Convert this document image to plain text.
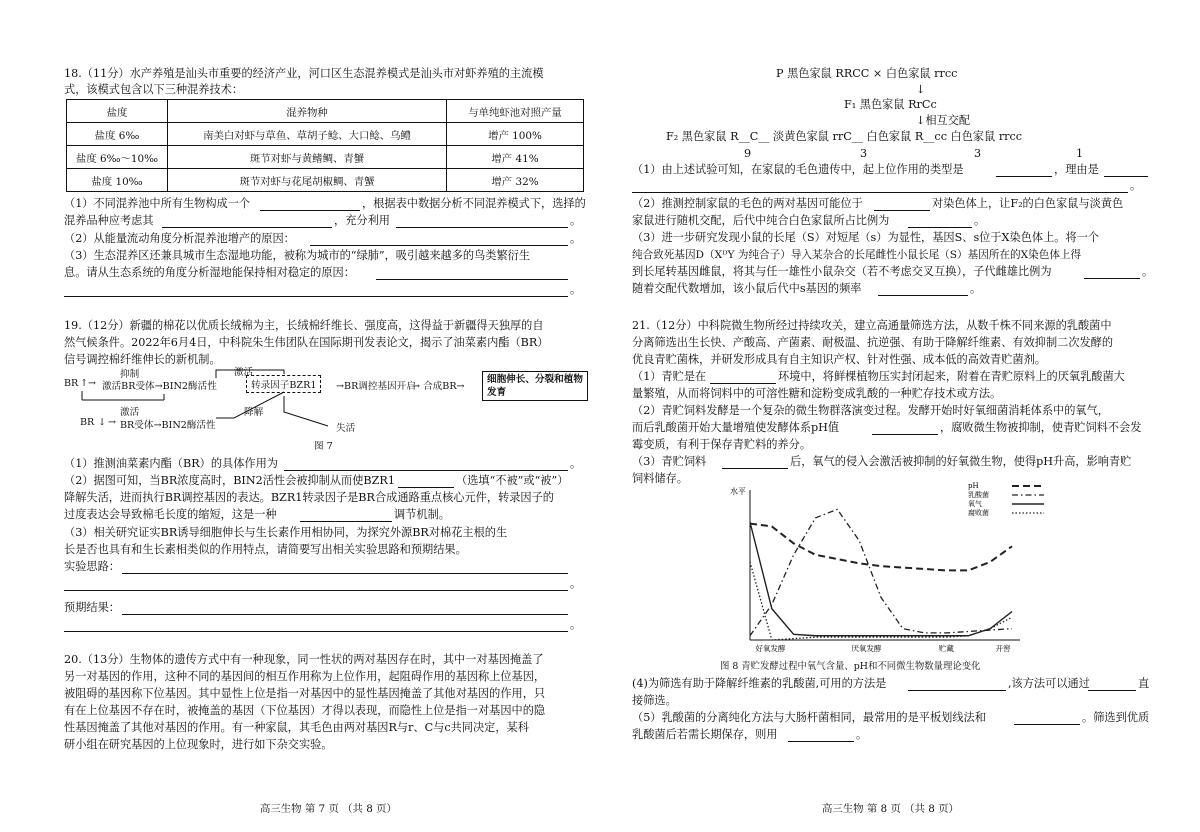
18.（11分）水产养殖是汕头市重要的经济产业，河口区生态混养模式是汕头市对虾养殖的主流模
式，该模式包含以下三种混养技术：
盐度	混养物种	与单纯虾池对照产量
盐度 6‰	南美白对虾与草鱼、草胡子鲶、大口鲶、乌鳢	增产 100%
盐度 6‰～10‰	斑节对虾与黄鳍鲷、青蟹	增产 41%
盐度 10‰	斑节对虾与花尾胡椒鲷、青蟹	增产 32%
（1）不同混养池中所有生物构成一个	，根据表中数据分析不同混养模式下，选择的
混养品种应考虑其	，充分利用	。
（2）从能量流动角度分析混养池增产的原因：	。
（3）生态混养区还兼具城市生态湿地功能，被称为城市的“绿肺”，吸引越来越多的鸟类繁衍生
息。请从生态系统的角度分析湿地能保持相对稳定的原因：
。
19.（12分）新疆的棉花以优质长绒棉为主，长绒棉纤维长、强度高，这得益于新疆得天独厚的自
然气候条件。2022年6月4日，中科院朱生伟团队在国际期刊发表论文，揭示了油菜素内酯（BR）
信号调控棉纤维伸长的新机制。
抑制	激活
BR ↑ → 激活BR受体→BIN2酶活性	转录因子BZR1	→BR调控基因开启
→ 合成BR→
细胞伸长、分裂和植物发育
激活	降解
BR ↓ → BR受体→BIN2酶活性	失活
图 7
（1）推测油菜素内酯（BR）的具体作用为	。
（2）据图可知，当BR浓度高时，BIN2活性会被抑制从而使BZR1	（选填“不被”或“被”）
降解失活，进而执行BR调控基因的表达。BZR1转录因子是BR合成通路重点核心元件，转录因子的
过度表达会导致棉毛长度的缩短，这是一种	调节机制。
（3）相关研究证实BR诱导细胞伸长与生长素作用相协同，为探究外源BR对棉花主根的生
长是否也具有和生长素相类似的作用特点，请简要写出相关实验思路和预期结果。
实验思路：
。
预期结果：
。
20.（13分）生物体的遗传方式中有一种现象，同一性状的两对基因存在时，其中一对基因掩盖了
另一对基因的作用，这种不同的基因间的相互作用称为上位作用，起阻碍作用的基因称上位基因，
被阻碍的基因称下位基因。其中显性上位是指一对基因中的显性基因掩盖了其他对基因的作用，只
有在上位基因不存在时，被掩盖的基因（下位基因）才得以表现，而隐性上位是指一对基因中的隐
性基因掩盖了其他对基因的作用。有一种家鼠，其毛色由两对基因R与r、C与c共同决定，某科
研小组在研究基因的上位现象时，进行如下杂交实验。
高三生物 第 7 页 （共 8 页）
P 黑色家鼠 RRCC × 白色家鼠 rrcc
↓
F₁ 黑色家鼠 RrCc
↓相互交配
F₂ 黑色家鼠 R__C__ 淡黄色家鼠 rrC__ 白色家鼠 R__cc 白色家鼠 rrcc
9	3	3	1
（1）由上述试验可知，在家鼠的毛色遗传中，起上位作用的类型是	，理由是
。
（2）推测控制家鼠的毛色的两对基因可能位于	对染色体上，让F₂的白色家鼠与淡黄色
家鼠进行随机交配，后代中纯合白色家鼠所占比例为	。
（3）进一步研究发现小鼠的长尾（S）对短尾（s）为显性，基因S、s位于X染色体上。将一个
纯合致死基因D（XᴰY 为纯合子）导入某杂合的长尾雌性小鼠长尾（S）基因所在的X染色体上得
到长尾转基因雌鼠，将其与任一雄性小鼠杂交（若不考虑交叉互换），子代雌雄比例为	。
随着交配代数增加，该小鼠后代中s基因的频率	。
21.（12分）中科院微生物所经过持续攻关，建立高通量筛选方法，从数千株不同来源的乳酸菌中
分离筛选出生长快、产酸高、产菌素、耐极温、抗逆强、有助于降解纤维素、有效抑制二次发酵的
优良青贮菌株，并研发形成具有自主知识产权、针对性强、成本低的高效青贮菌剂。
（1）青贮是在	环境中，将鲜棵植物压实封闭起来，附着在青贮原料上的厌氧乳酸菌大
量繁殖，从而将饲料中的可溶性糖和淀粉变成乳酸的一种贮存技术或方法。
（2）青贮饲料发酵是一个复杂的微生物群落演变过程。发酵开始时好氧细菌消耗体系中的氧气，
而后乳酸菌开始大量增殖使发酵体系pH值	，腐败微生物被抑制，使青贮饲料不会发
霉变质，有利于保存青贮料的养分。
（3）青贮饲料	后，氧气的侵入会激活被抑制的好氧微生物，使得pH升高，影响青贮
饲料储存。
水平
pH
乳酸菌
氧气
腐败菌
好氧发酵	厌氧发酵	贮藏	开窖
图 8 青贮发酵过程中氧气含量、pH和不同微生物数量理论变化
(4)为筛选有助于降解纤维素的乳酸菌,可用的方法是	,该方法可以通过	直
接筛选。
（5）乳酸菌的分离纯化方法与大肠杆菌相同，最常用的是平板划线法和	。筛选到优质
乳酸菌后若需长期保存，则用	。
高三生物 第 8 页 （共 8 页）
